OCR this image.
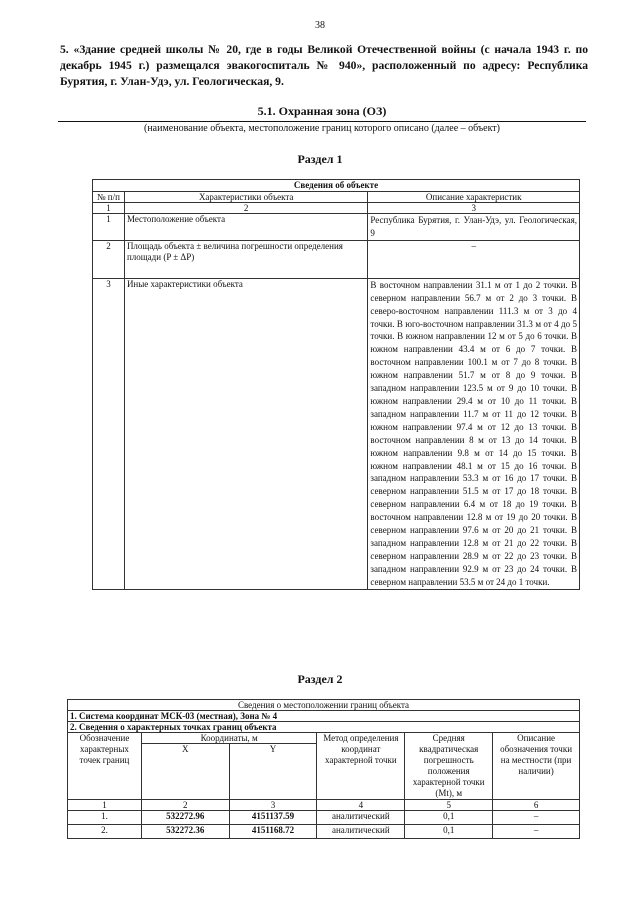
38
5. «Здание средней школы № 20, где в годы Великой Отечественной войны (с начала 1943 г. по декабрь 1945 г.) размещался эвакогоспиталь № 940», расположенный по адресу: Республика Бурятия, г. Улан-Удэ, ул. Геологическая, 9.
5.1. Охранная зона (ОЗ)
(наименование объекта, местоположение границ которого описано (далее – объект)
Раздел 1
Сведения об объекте		
№ п/п	Характеристики объекта	Описание характеристик
1	2	3
1	Местоположение объекта	Республика Бурятия, г. Улан-Удэ, ул. Геологическая, 9
2	Площадь объекта ± величина погрешности определения площади (P ± ΔP)	–
3	Иные характеристики объекта	В восточном направлении 31.1 м от 1 до 2 точки. В северном направлении 56.7 м от 2 до 3 точки. В северо-восточном направлении 111.3 м от 3 до 4 точки. В юго-восточном направлении 31.3 м от 4 до 5 точки. В южном направлении 12 м от 5 до 6 точки. В южном направлении 43.4 м от 6 до 7 точки. В восточном направлении 100.1 м от 7 до 8 точки. В южном направлении 51.7 м от 8 до 9 точки. В западном направлении 123.5 м от 9 до 10 точки. В южном направлении 29.4 м от 10 до 11 точки. В западном направлении 11.7 м от 11 до 12 точки. В южном направлении 97.4 м от 12 до 13 точки. В восточном направлении 8 м от 13 до 14 точки. В южном направлении 9.8 м от 14 до 15 точки. В южном направлении 48.1 м от 15 до 16 точки. В западном направлении 53.3 м от 16 до 17 точки. В северном направлении 51.5 м от 17 до 18 точки. В северном направлении 6.4 м от 18 до 19 точки. В восточном направлении 12.8 м от 19 до 20 точки. В северном направлении 97.6 м от 20 до 21 точки. В западном направлении 12.8 м от 21 до 22 точки. В северном направлении 28.9 м от 22 до 23 точки. В западном направлении 92.9 м от 23 до 24 точки. В северном направлении 53.5 м от 24 до 1 точки.
Раздел 2
Сведения о местоположении границ объекта					
1. Система координат МСК-03 (местная), Зона № 4					
2. Сведения о характерных точках границ объекта					
Обозначение характерных точек границ	Координаты, м		Метод определения координат характерной точки	Средняя квадратическая погрешность положения характерной точки (Mt), м	Описание обозначения точки на местности (при наличии)
	X	Y			
1	2	3	4	5	6
1.	532272.96	4151137.59	аналитический	0,1	–
2.	532272.36	4151168.72	аналитический	0,1	–
